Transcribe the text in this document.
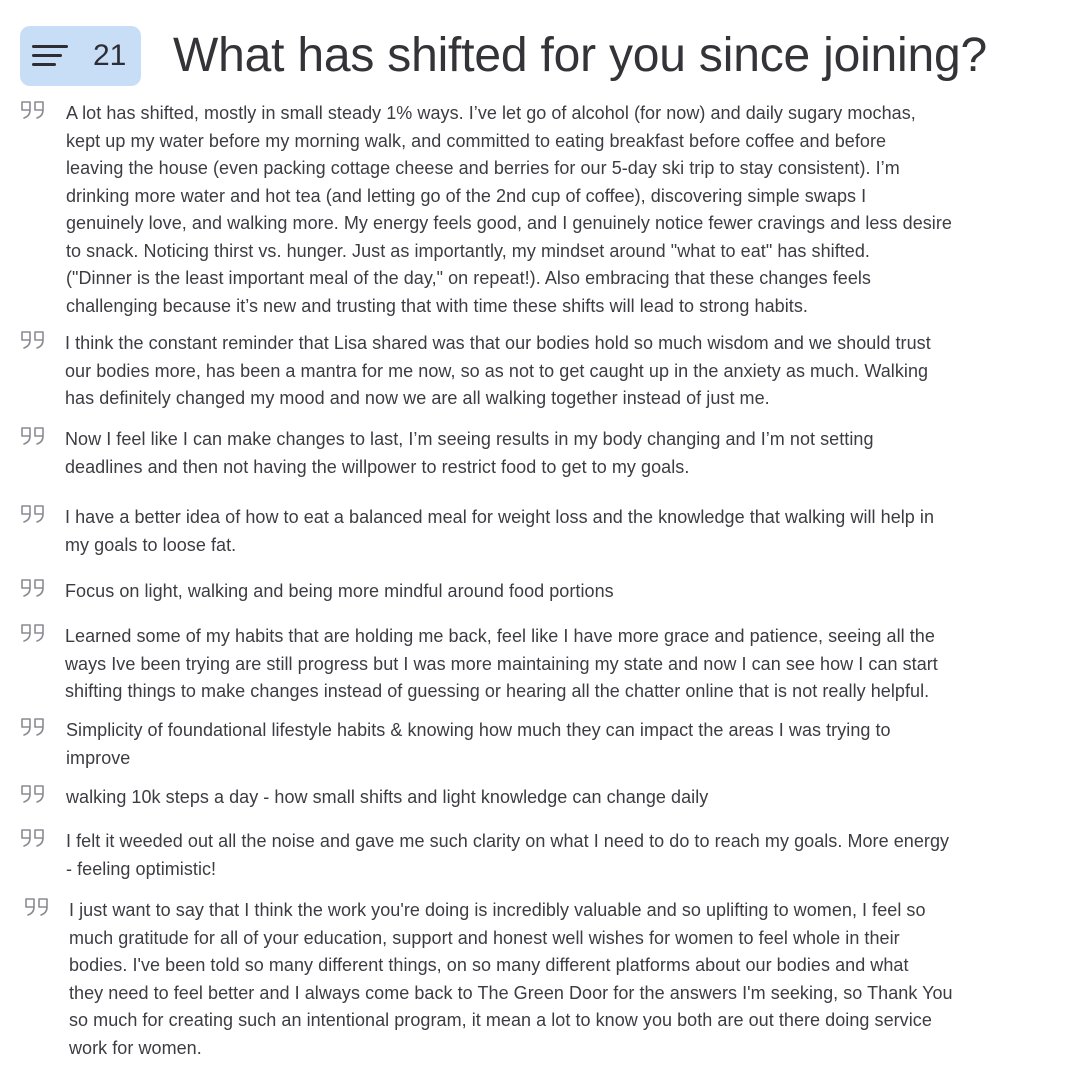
21 What has shifted for you since joining?
A lot has shifted, mostly in small steady 1% ways. I’ve let go of alcohol (for now) and daily sugary mochas,
kept up my water before my morning walk, and committed to eating breakfast before coffee and before
leaving the house (even packing cottage cheese and berries for our 5-day ski trip to stay consistent). I’m
drinking more water and hot tea (and letting go of the 2nd cup of coffee), discovering simple swaps I
genuinely love, and walking more. My energy feels good, and I genuinely notice fewer cravings and less desire
to snack. Noticing thirst vs. hunger. Just as importantly, my mindset around "what to eat" has shifted.
("Dinner is the least important meal of the day," on repeat!). Also embracing that these changes feels
challenging because it’s new and trusting that with time these shifts will lead to strong habits.
I think the constant reminder that Lisa shared was that our bodies hold so much wisdom and we should trust
our bodies more, has been a mantra for me now, so as not to get caught up in the anxiety as much. Walking
has definitely changed my mood and now we are all walking together instead of just me.
Now I feel like I can make changes to last, I’m seeing results in my body changing and I’m not setting
deadlines and then not having the willpower to restrict food to get to my goals.
I have a better idea of how to eat a balanced meal for weight loss and the knowledge that walking will help in
my goals to loose fat.
Focus on light, walking and being more mindful around food portions
Learned some of my habits that are holding me back, feel like I have more grace and patience, seeing all the
ways Ive been trying are still progress but I was more maintaining my state and now I can see how I can start
shifting things to make changes instead of guessing or hearing all the chatter online that is not really helpful.
Simplicity of foundational lifestyle habits & knowing how much they can impact the areas I was trying to
improve
walking 10k steps a day - how small shifts and light knowledge can change daily
I felt it weeded out all the noise and gave me such clarity on what I need to do to reach my goals. More energy
- feeling optimistic!
I just want to say that I think the work you're doing is incredibly valuable and so uplifting to women, I feel so
much gratitude for all of your education, support and honest well wishes for women to feel whole in their
bodies. I've been told so many different things, on so many different platforms about our bodies and what
they need to feel better and I always come back to The Green Door for the answers I'm seeking, so Thank You
so much for creating such an intentional program, it mean a lot to know you both are out there doing service
work for women.
